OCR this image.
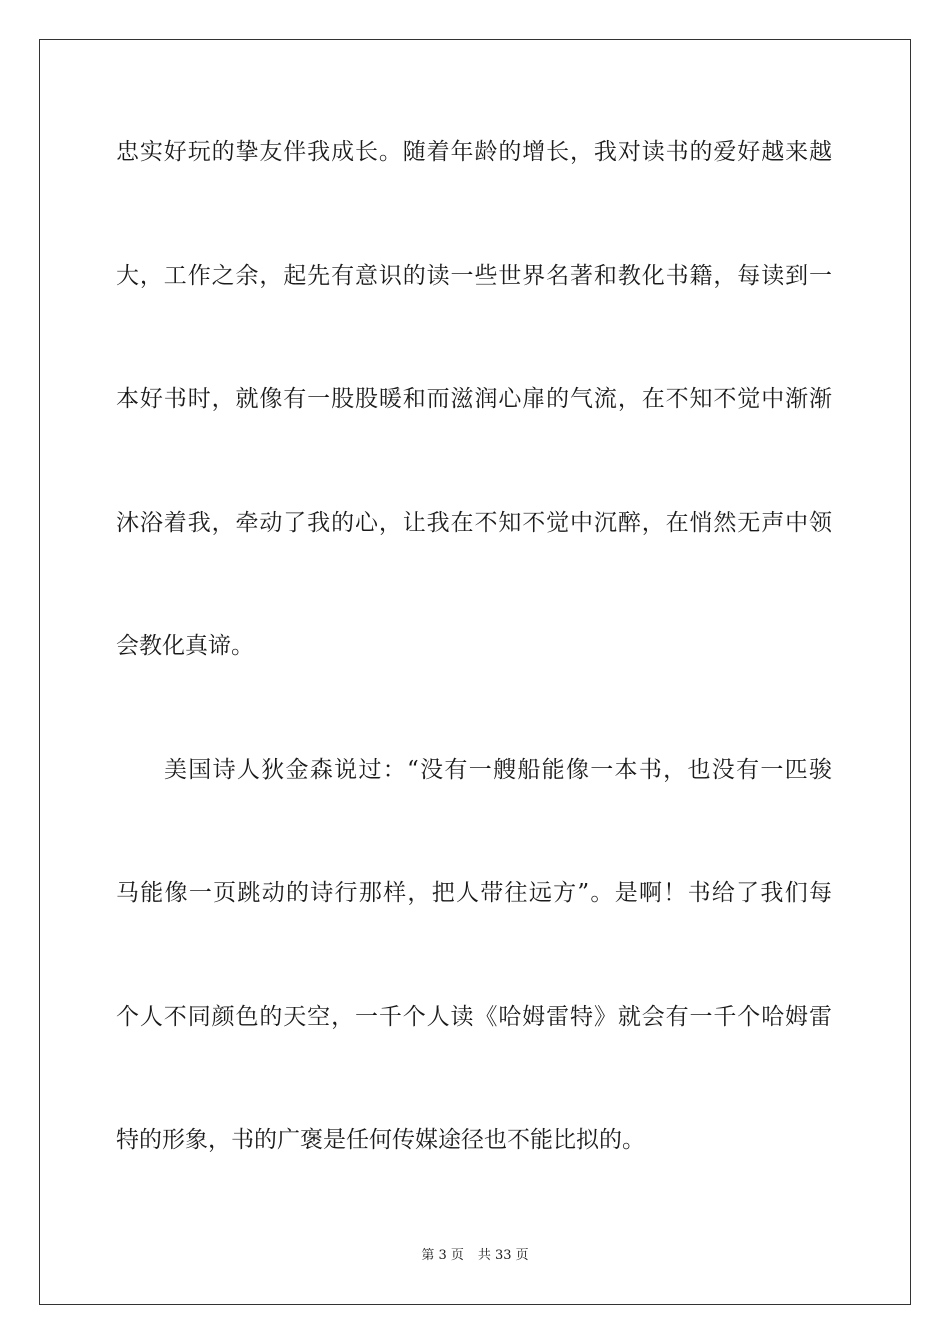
忠实好玩的挚友伴我成长。随着年龄的增长，我对读书的爱好越来越
大，工作之余，起先有意识的读一些世界名著和教化书籍，每读到一
本好书时，就像有一股股暖和而滋润心扉的气流，在不知不觉中渐渐
沐浴着我，牵动了我的心，让我在不知不觉中沉醉，在悄然无声中领
会教化真谛。
美国诗人狄金森说过：“没有一艘船能像一本书，也没有一匹骏
马能像一页跳动的诗行那样，把人带往远方”。是啊！书给了我们每
个人不同颜色的天空，一千个人读《哈姆雷特》就会有一千个哈姆雷
特的形象，书的广褒是任何传媒途径也不能比拟的。
第 3 页 共 33 页
